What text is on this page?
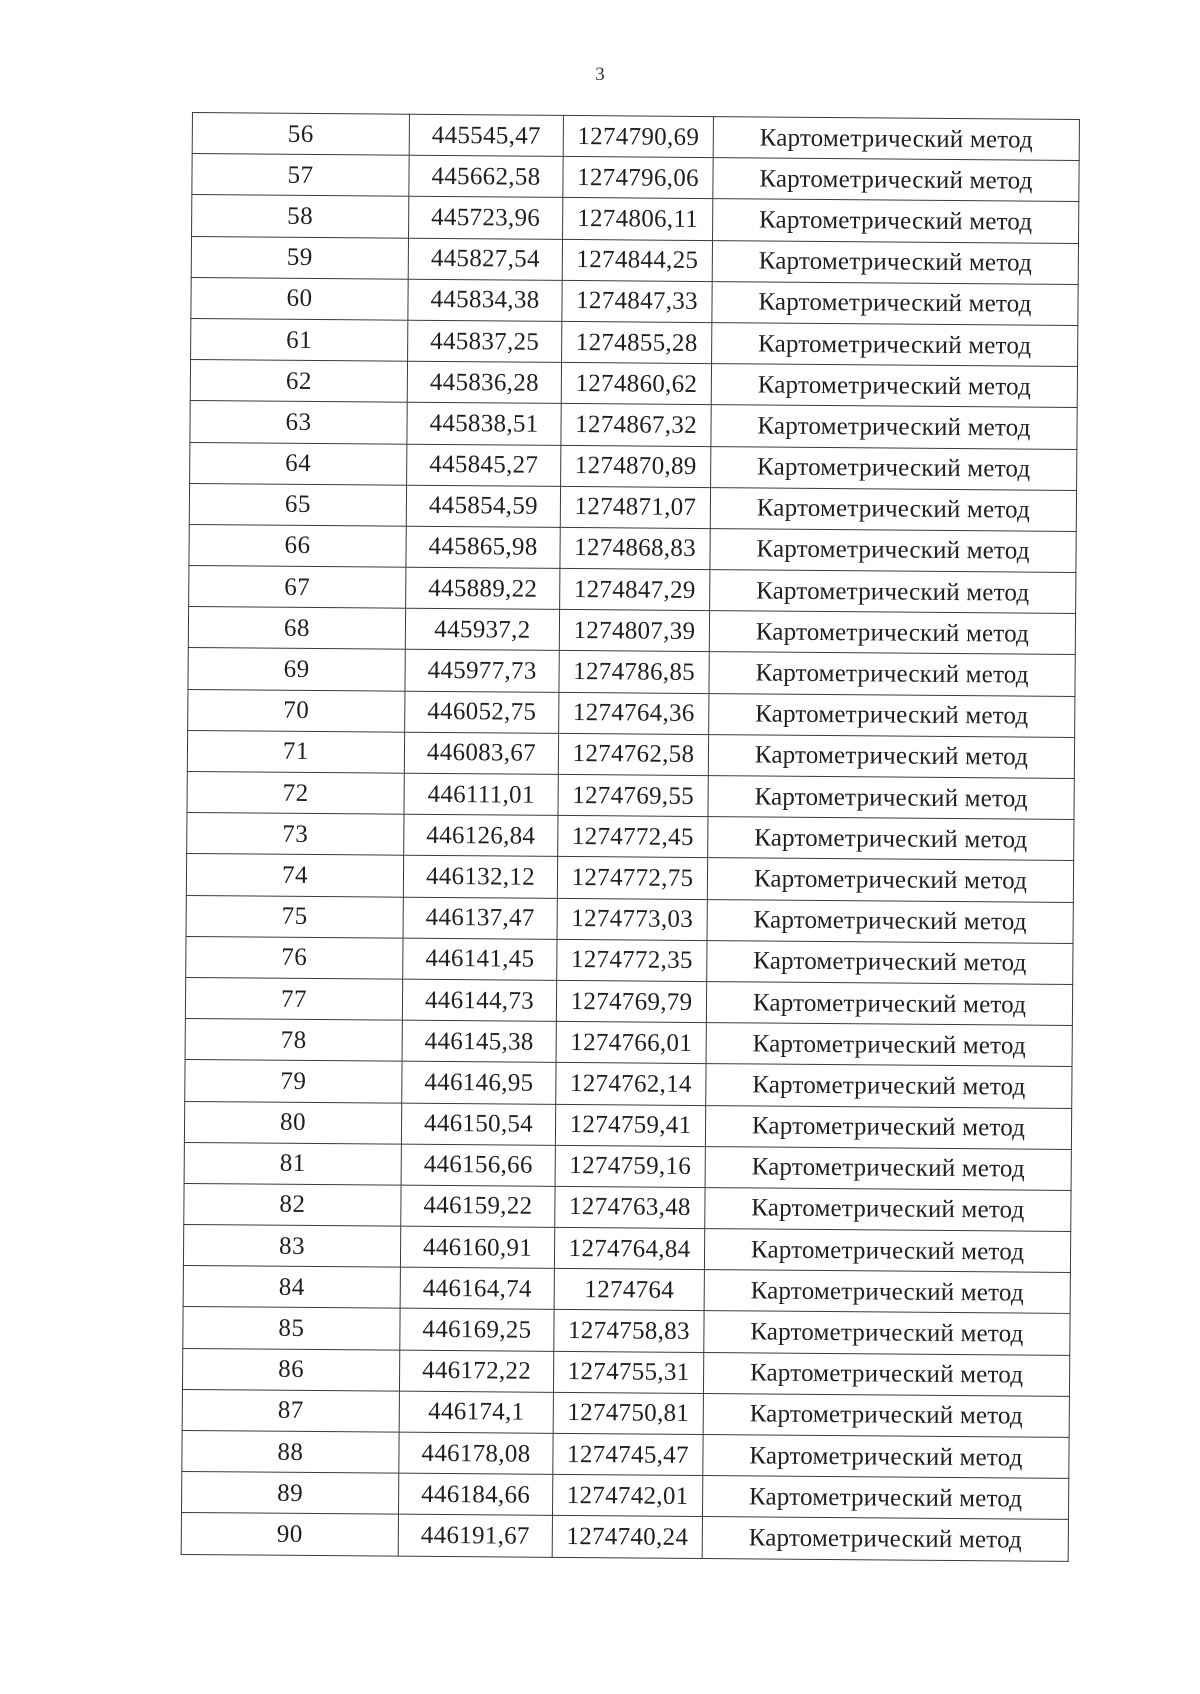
3
56	445545,47	1274790,69	Картометрический метод
57	445662,58	1274796,06	Картометрический метод
58	445723,96	1274806,11	Картометрический метод
59	445827,54	1274844,25	Картометрический метод
60	445834,38	1274847,33	Картометрический метод
61	445837,25	1274855,28	Картометрический метод
62	445836,28	1274860,62	Картометрический метод
63	445838,51	1274867,32	Картометрический метод
64	445845,27	1274870,89	Картометрический метод
65	445854,59	1274871,07	Картометрический метод
66	445865,98	1274868,83	Картометрический метод
67	445889,22	1274847,29	Картометрический метод
68	445937,2	1274807,39	Картометрический метод
69	445977,73	1274786,85	Картометрический метод
70	446052,75	1274764,36	Картометрический метод
71	446083,67	1274762,58	Картометрический метод
72	446111,01	1274769,55	Картометрический метод
73	446126,84	1274772,45	Картометрический метод
74	446132,12	1274772,75	Картометрический метод
75	446137,47	1274773,03	Картометрический метод
76	446141,45	1274772,35	Картометрический метод
77	446144,73	1274769,79	Картометрический метод
78	446145,38	1274766,01	Картометрический метод
79	446146,95	1274762,14	Картометрический метод
80	446150,54	1274759,41	Картометрический метод
81	446156,66	1274759,16	Картометрический метод
82	446159,22	1274763,48	Картометрический метод
83	446160,91	1274764,84	Картометрический метод
84	446164,74	1274764	Картометрический метод
85	446169,25	1274758,83	Картометрический метод
86	446172,22	1274755,31	Картометрический метод
87	446174,1	1274750,81	Картометрический метод
88	446178,08	1274745,47	Картометрический метод
89	446184,66	1274742,01	Картометрический метод
90	446191,67	1274740,24	Картометрический метод
